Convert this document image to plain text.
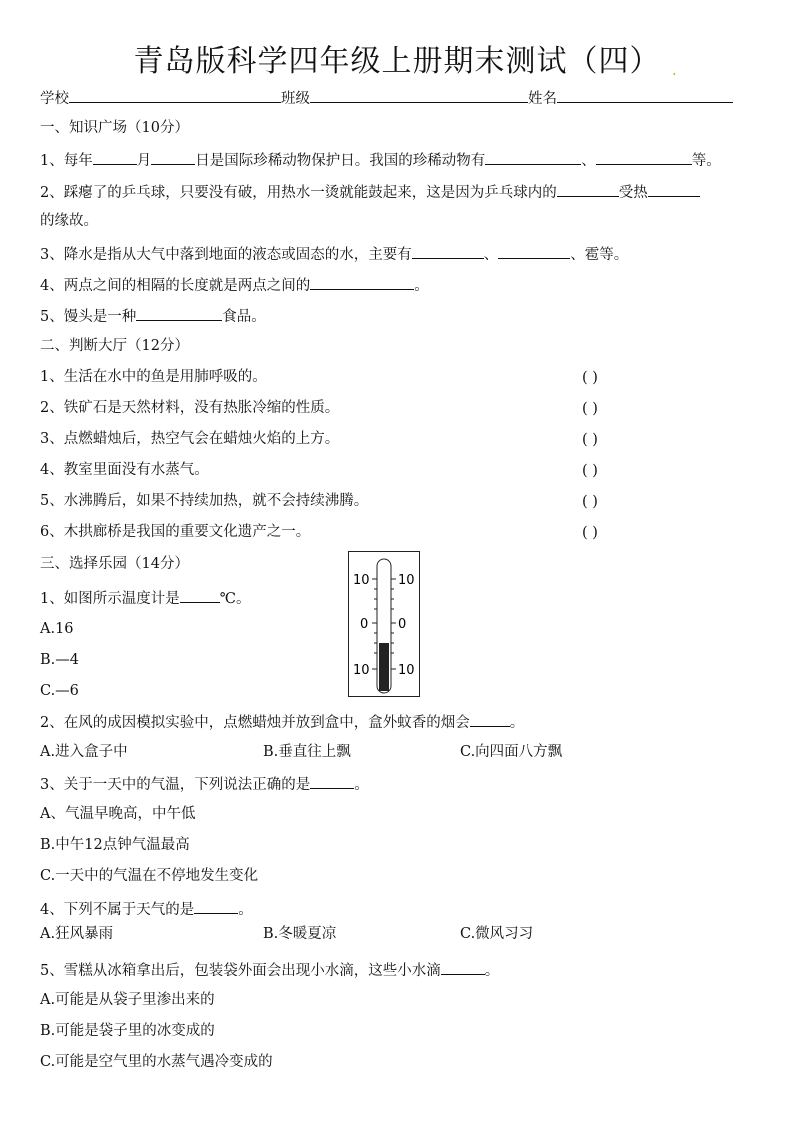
青岛版科学四年级上册期末测试（四） .
学校	班级	姓名
一、知识广场（10分）
1、每年	月	日是国际珍稀动物保护日。我国的珍稀动物有	、	等。
2、踩瘪了的乒乓球，只要没有破，用热水一烫就能鼓起来，这是因为乒乓球内的	受热
的缘故。
3、降水是指从大气中落到地面的液态或固态的水，主要有	、	、雹等。
4、两点之间的相隔的长度就是两点之间的	。
5、馒头是一种	食品。
二、判断大厅（12分）
1、生活在水中的鱼是用肺呼吸的。	( )
2、铁矿石是天然材料，没有热胀冷缩的性质。	( )
3、点燃蜡烛后，热空气会在蜡烛火焰的上方。	( )
4、教室里面没有水蒸气。	( )
5、水沸腾后，如果不持续加热，就不会持续沸腾。	( )
6、木拱廊桥是我国的重要文化遗产之一。	( )
三、选择乐园（14分）
1、如图所示温度计是	℃。
A.16
B.—4
C.—6
10 10
0 0
10 10
2、在风的成因模拟实验中，点燃蜡烛并放到盒中，盒外蚊香的烟会	。
A.进入盒子中	B.垂直往上飘	C.向四面八方飘
3、关于一天中的气温，下列说法正确的是	。
A、气温早晚高，中午低
B.中午12点钟气温最高
C.一天中的气温在不停地发生变化
4、下列不属于天气的是	。
A.狂风暴雨	B.冬暖夏凉	C.微风习习
5、雪糕从冰箱拿出后，包装袋外面会出现小水滴，这些小水滴	。
A.可能是从袋子里渗出来的
B.可能是袋子里的冰变成的
C.可能是空气里的水蒸气遇冷变成的
